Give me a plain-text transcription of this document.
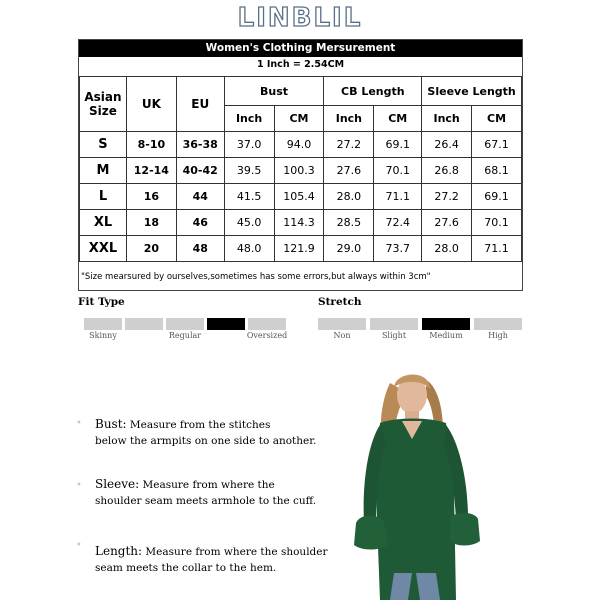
LINBLIL
Women's Clothing Mersurement
1 Inch = 2.54CM
Asian
Size	UK	EU	Bust		CB Length		Sleeve Length	
			Inch	CM	Inch	CM	Inch	CM
S	8-10	36-38	37.0	94.0	27.2	69.1	26.4	67.1
M	12-14	40-42	39.5	100.3	27.6	70.1	26.8	68.1
L	16	44	41.5	105.4	28.0	71.1	27.2	69.1
XL	18	46	45.0	114.3	28.5	72.4	27.6	70.1
XXL	20	48	48.0	121.9	29.0	73.7	28.0	71.1
"Size mearsured by ourselves,sometimes has some errors,but always within 3cm"
Fit Type
Skinny	Regular	Oversized
Stretch
Non	Slight	Medium	High
•
•
•
Bust: Measure from the stitches
below the armpits on one side to another.
Sleeve: Measure from where the
shoulder seam meets armhole to the cuff.
Length: Measure from where the shoulder
seam meets the collar to the hem.
